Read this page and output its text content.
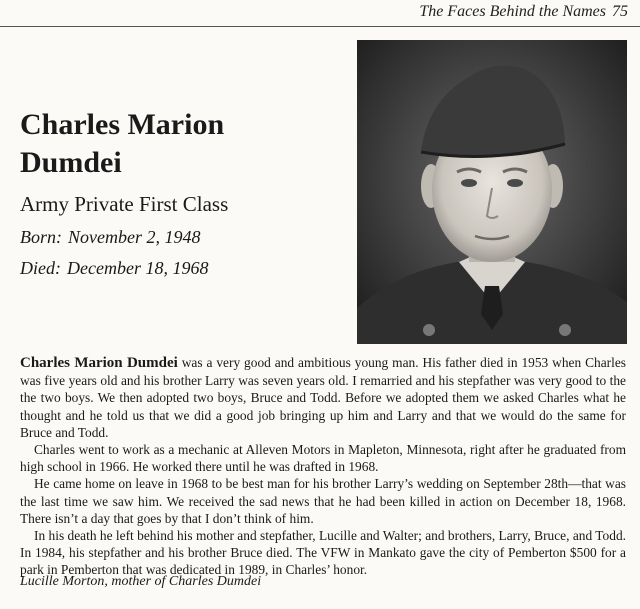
The Faces Behind the Names 75
Charles Marion
Dumdei
Army Private First Class
Born: November 2, 1948
Died: December 18, 1968

Charles Marion Dumdei was a very good and ambitious young man. His father died in 1953 when Charles was five years old and his brother Larry was seven years old. I remarried and his stepfather was very good to the the two boys. We then adopted two boys, Bruce and Todd. Before we adopted them we asked Charles what he thought and he told us that we did a good job bringing up him and Larry and that we would do the same for Bruce and Todd.

Charles went to work as a mechanic at Alleven Motors in Mapleton, Minnesota, right after he graduated from high school in 1966. He worked there until he was drafted in 1968.

He came home on leave in 1968 to be best man for his brother Larry’s wedding on September 28th—that was the last time we saw him. We received the sad news that he had been killed in action on December 18, 1968. There isn’t a day that goes by that I don’t think of him.

In his death he left behind his mother and stepfather, Lucille and Walter; and brothers, Larry, Bruce, and Todd. In 1984, his stepfather and his brother Bruce died. The VFW in Mankato gave the city of Pemberton $500 for a park in Pemberton that was dedicated in 1989, in Charles’ honor.

Lucille Morton, mother of Charles Dumdei
